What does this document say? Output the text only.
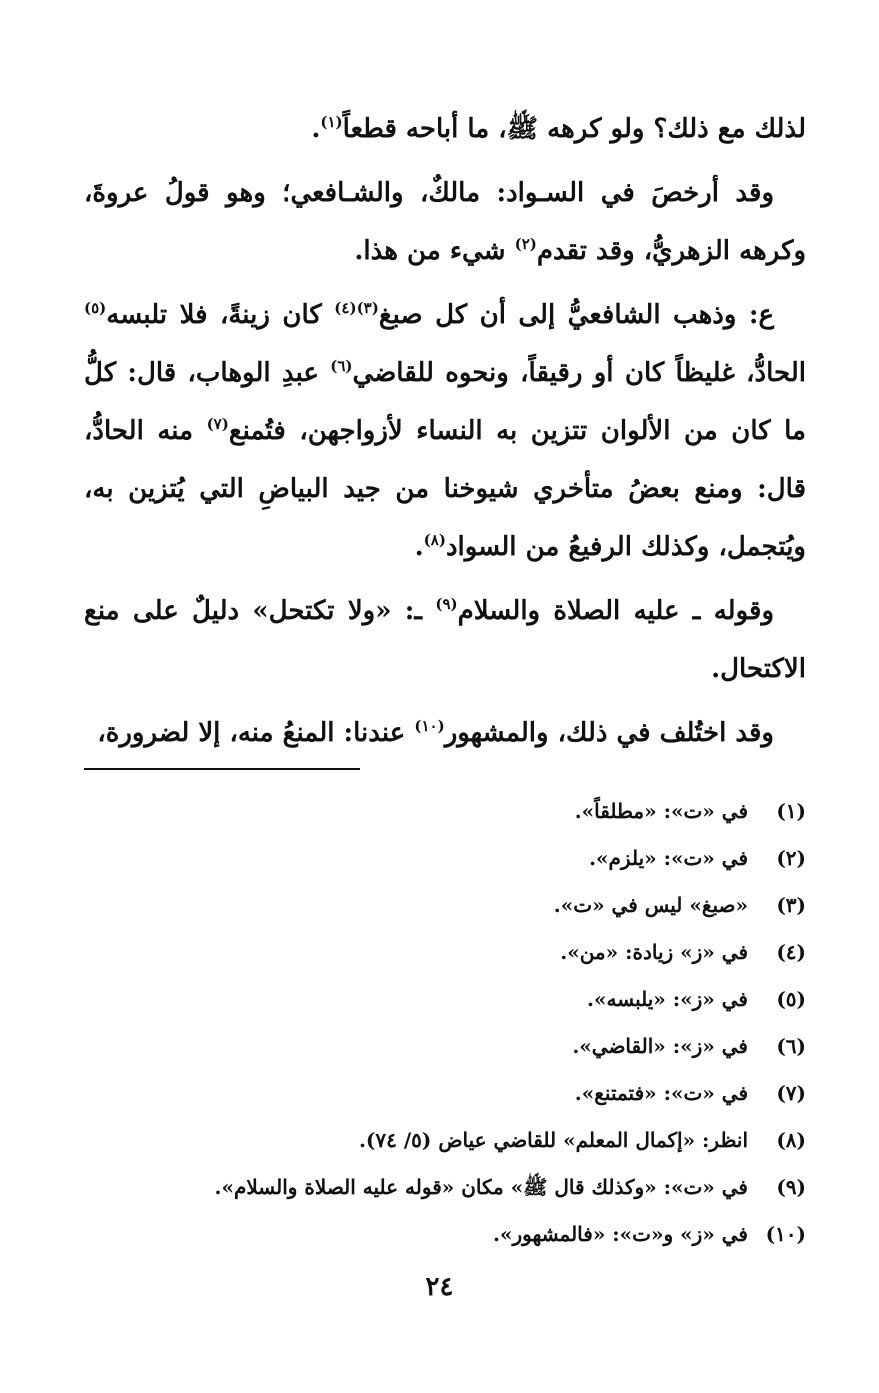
لذلك مع ذلك؟ ولو كرهه ﷺ، ما أباحه قطعاً$^{(١)}$.

وقد أرخصَ في السـواد: مالكٌ، والشـافعي؛ وهو قولُ عروةَ، وكرهه الزهريُّ، وقد تقدم$^{(٢)}$ شيء من هذا.

ع: وذهب الشافعيُّ إلى أن كل صبغ$^{(٣)(٤)}$ كان زينةً، فلا تلبسه$^{(٥)}$ الحادُّ، غليظاً كان أو رقيقاً، ونحوه للقاضي$^{(٦)}$ عبدِ الوهاب، قال: كلُّ ما كان من الألوان تتزين به النساء لأزواجهن، فتُمنع$^{(٧)}$ منه الحادُّ، قال: ومنع بعضُ متأخري شيوخنا من جيد البياضِ التي يُتزين به، ويُتجمل، وكذلك الرفيعُ من السواد$^{(٨)}$.

وقوله ـ عليه الصلاة والسلام$^{(٩)}$ ـ: «ولا تكتحل» دليلٌ على منع الاكتحال.

وقد اختُلف في ذلك، والمشهور$^{(١٠)}$ عندنا: المنعُ منه، إلا لضرورة،

(١)
في «ت»: «مطلقاً».
(٢)
في «ت»: «يلزم».
(٣)
«صبغ» ليس في «ت».
(٤)
في «ز» زيادة: «من».
(٥)
في «ز»: «يلبسه».
(٦)
في «ز»: «القاضي».
(٧)
في «ت»: «فتمتنع».
(٨)
انظر: «إكمال المعلم» للقاضي عياض (٥/ ٧٤).
(٩)
في «ت»: «وكذلك قال ﷺ» مكان «قوله عليه الصلاة والسلام».
(١٠)
في «ز» و«ت»: «فالمشهور».
٢٤
